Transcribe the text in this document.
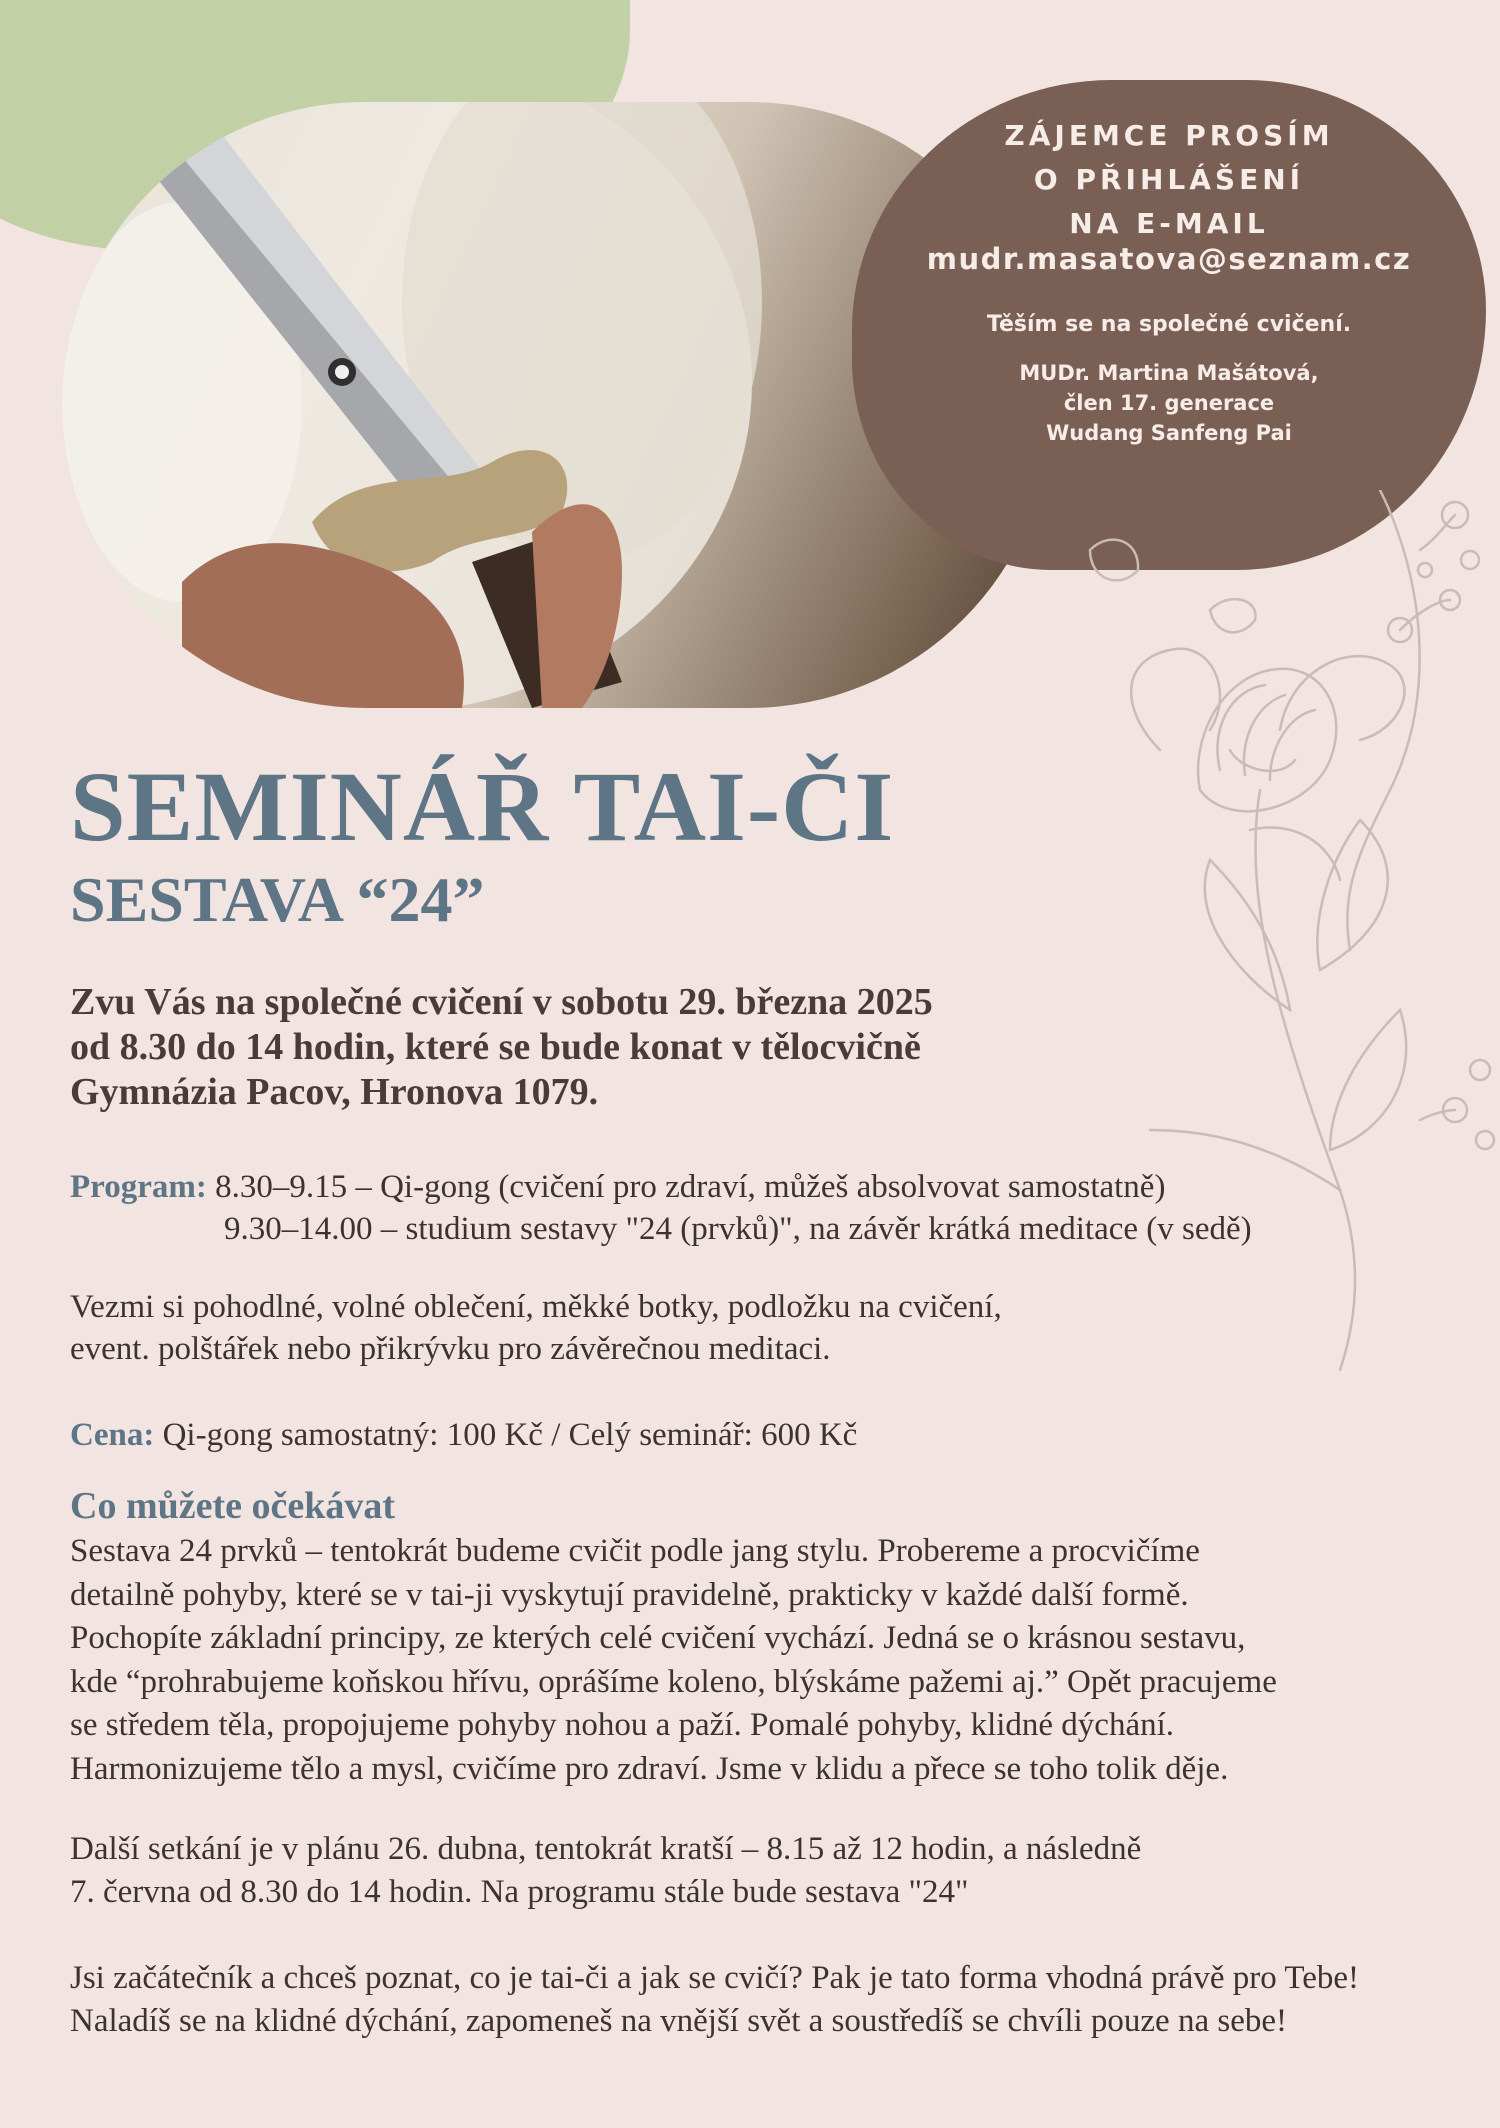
ZÁJEMCE PROSÍM
O PŘIHLÁŠENÍ
NA E-MAIL
mudr.masatova@seznam.cz
Těším se na společné cvičení.
MUDr. Martina Mašátová,
člen 17. generace
Wudang Sanfeng Pai
SEMINÁŘ TAI-ČI
SESTAVA “24”
Zvu Vás na společné cvičení v sobotu 29. března 2025
od 8.30 do 14 hodin, které se bude konat v tělocvičně
Gymnázia Pacov, Hronova 1079.
Program: 8.30–9.15 – Qi-gong (cvičení pro zdraví, můžeš absolvovat samostatně)
9.30–14.00 – studium sestavy "24 (prvků)", na závěr krátká meditace (v sedě)
Vezmi si pohodlné, volné oblečení, měkké botky, podložku na cvičení,
event. polštářek nebo přikrývku pro závěrečnou meditaci.
Cena: Qi-gong samostatný: 100 Kč / Celý seminář: 600 Kč
Co můžete očekávat
Sestava 24 prvků – tentokrát budeme cvičit podle jang stylu. Probereme a procvičíme
detailně pohyby, které se v tai-ji vyskytují pravidelně, prakticky v každé další formě.
Pochopíte základní principy, ze kterých celé cvičení vychází. Jedná se o krásnou sestavu,
kde “prohrabujeme koňskou hřívu, oprášíme koleno, blýskáme pažemi aj.” Opět pracujeme
se středem těla, propojujeme pohyby nohou a paží. Pomalé pohyby, klidné dýchání.
Harmonizujeme tělo a mysl, cvičíme pro zdraví. Jsme v klidu a přece se toho tolik děje.
Další setkání je v plánu 26. dubna, tentokrát kratší – 8.15 až 12 hodin, a následně
7. června od 8.30 do 14 hodin. Na programu stále bude sestava "24"
Jsi začátečník a chceš poznat, co je tai-či a jak se cvičí? Pak je tato forma vhodná právě pro Tebe!
Naladíš se na klidné dýchání, zapomeneš na vnější svět a soustředíš se chvíli pouze na sebe!
